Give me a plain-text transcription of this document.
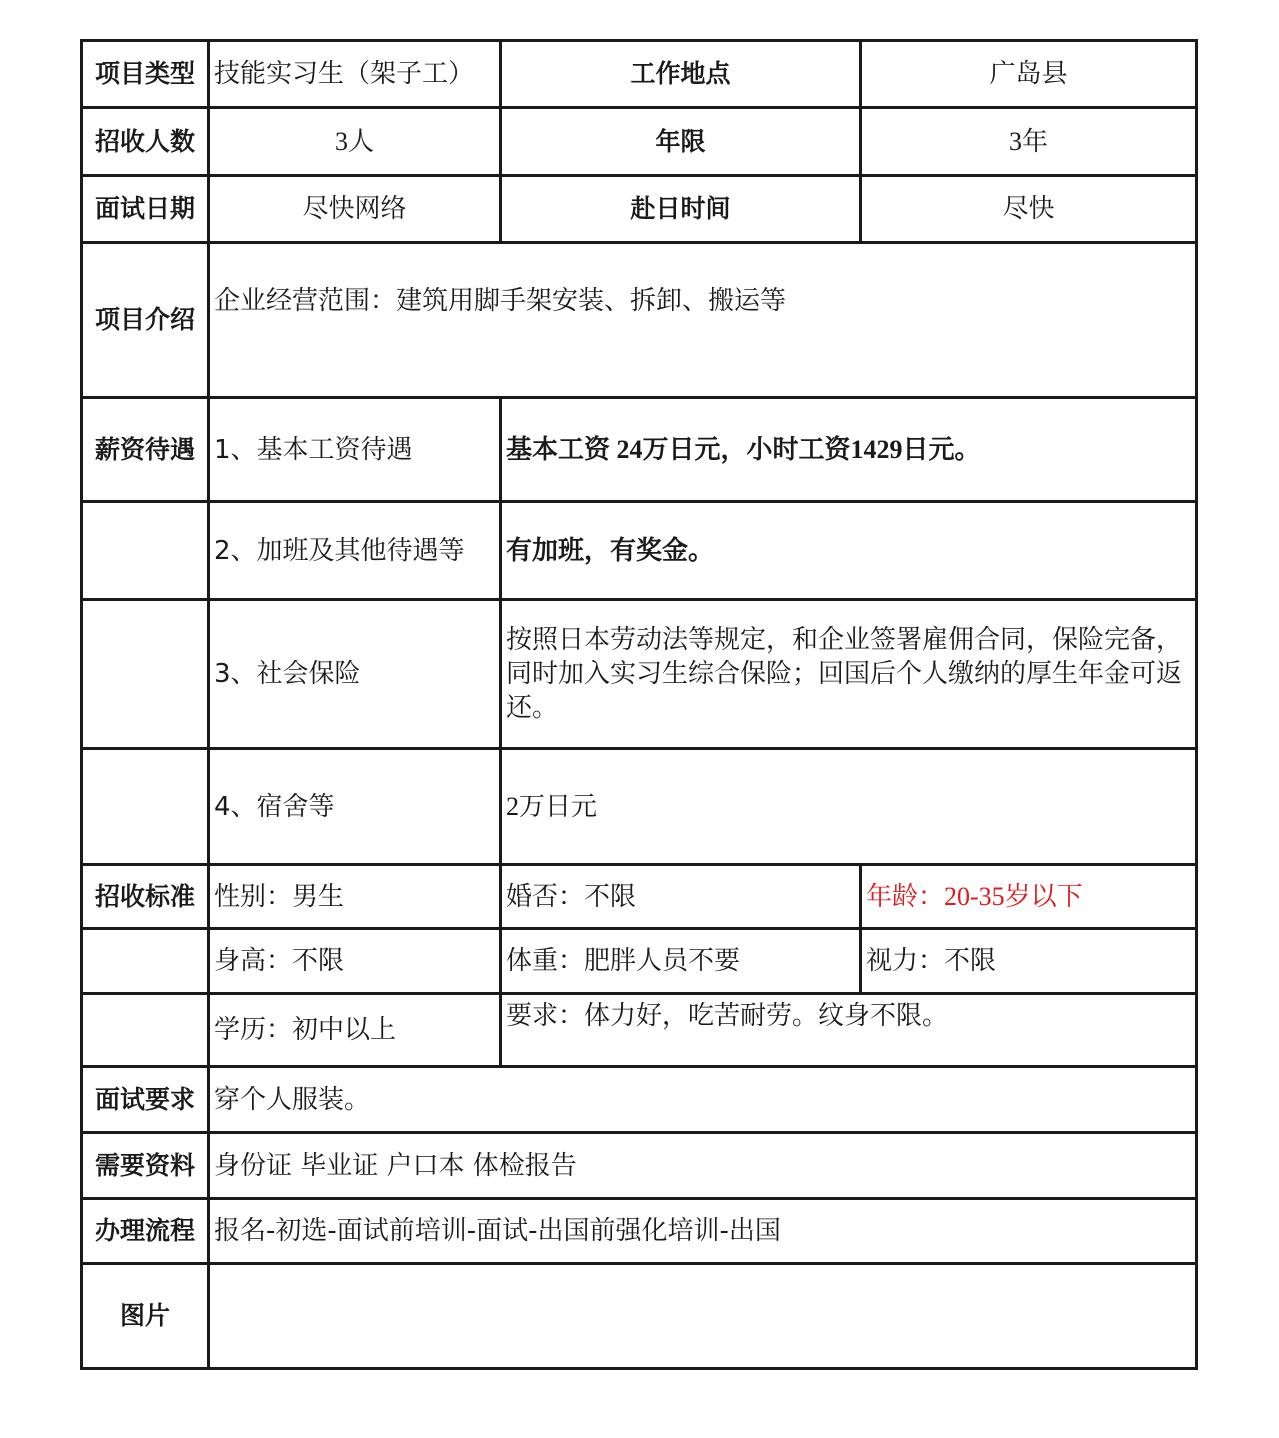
项目类型	技能实习生（架子工）	工作地点	广岛县
招收人数	3人	年限	3年
面试日期	尽快网络	赴日时间	尽快
项目介绍	企业经营范围：建筑用脚手架安装、拆卸、搬运等		
薪资待遇	1、基本工资待遇	基本工资 24万日元，小时工资1429日元。	
	2、加班及其他待遇等	有加班，有奖金。	
	3、社会保险	按照日本劳动法等规定，和企业签署雇佣合同，保险完备，同时加入实习生综合保险；回国后个人缴纳的厚生年金可返还。	
	4、宿舍等	2万日元	
招收标准	性别：男生	婚否：不限	年龄：20-35岁以下
	身高：不限	体重：肥胖人员不要	视力：不限
	学历：初中以上	要求：体力好，吃苦耐劳。纹身不限。	
面试要求	穿个人服装。		
需要资料	身份证 毕业证 户口本 体检报告		
办理流程	报名-初选-面试前培训-面试-出国前强化培训-出国		
图片			
